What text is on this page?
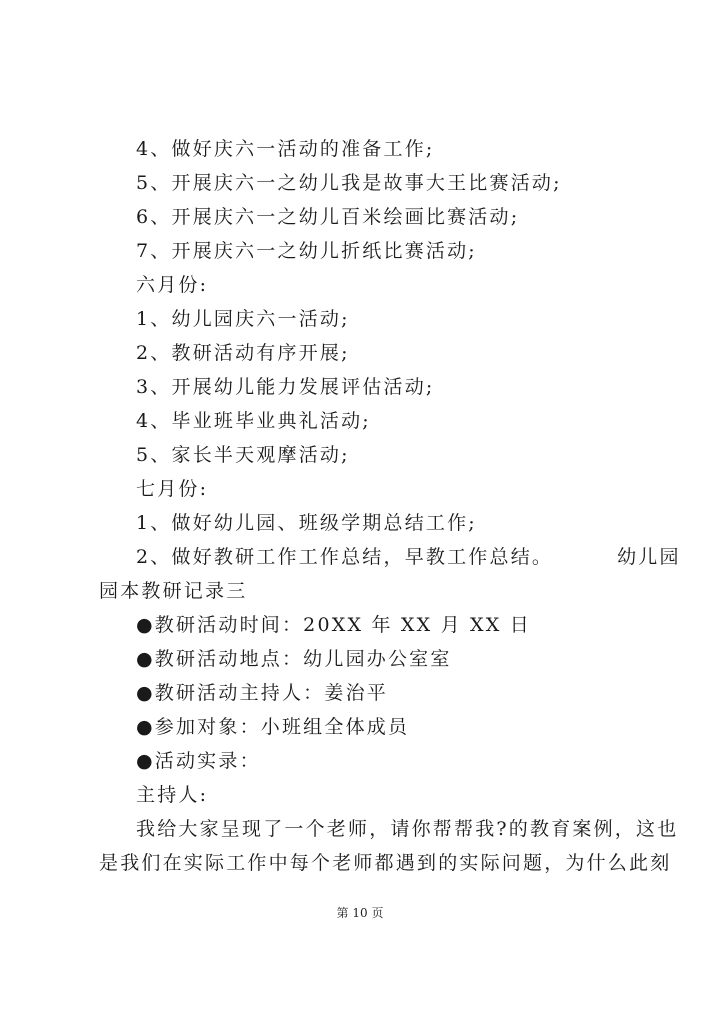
4、做好庆六一活动的准备工作;
5、开展庆六一之幼儿我是故事大王比赛活动;
6、开展庆六一之幼儿百米绘画比赛活动;
7、开展庆六一之幼儿折纸比赛活动;
六月份:
1、幼儿园庆六一活动;
2、教研活动有序开展;
3、开展幼儿能力发展评估活动;
4、毕业班毕业典礼活动;
5、家长半天观摩活动;
七月份:
1、做好幼儿园、班级学期总结工作;
2、做好教研工作工作总结，早教工作总结。	幼儿园
园本教研记录三
●教研活动时间：20XX 年 XX 月 XX 日
●教研活动地点：幼儿园办公室室
●教研活动主持人：姜治平
●参加对象：小班组全体成员
●活动实录：
主持人:
我给大家呈现了一个老师，请你帮帮我?的教育案例，这也
是我们在实际工作中每个老师都遇到的实际问题，为什么此刻
第 10 页
